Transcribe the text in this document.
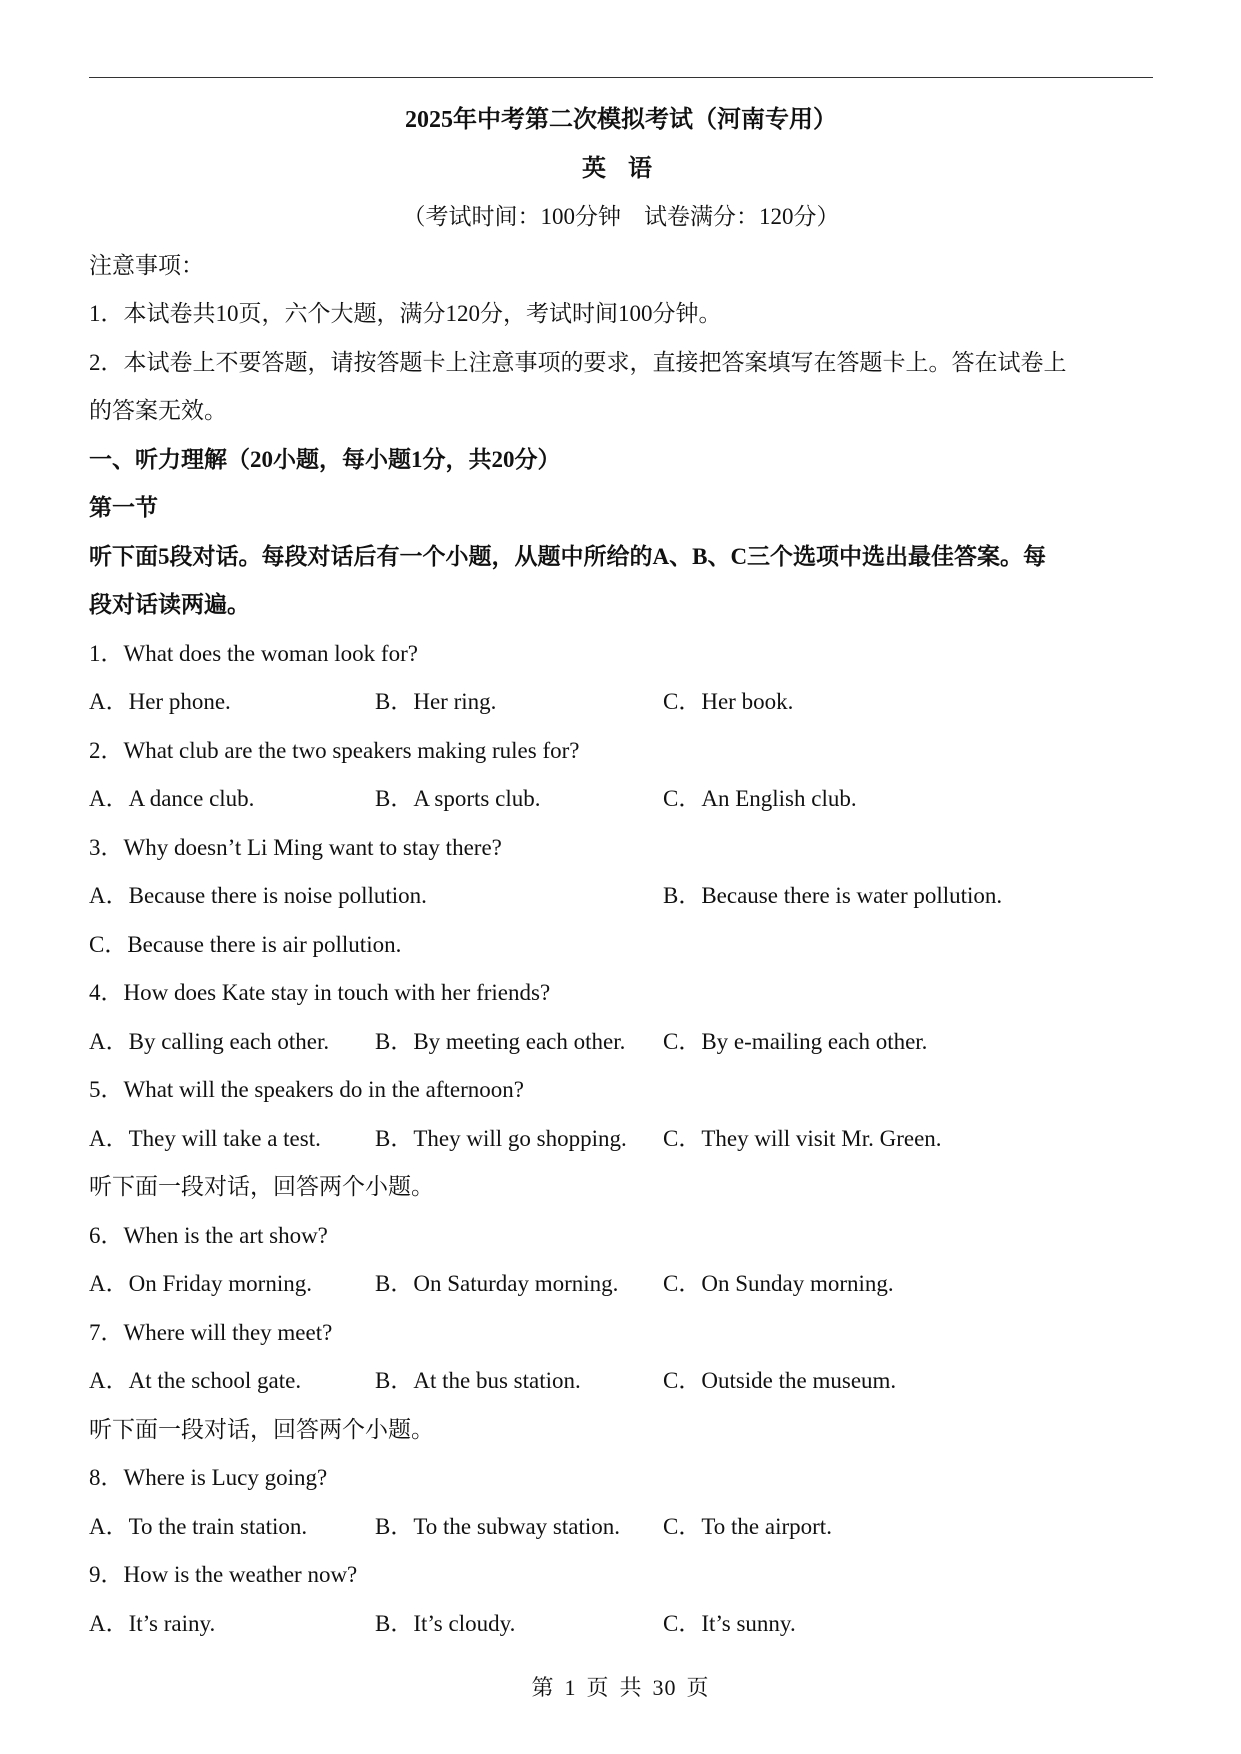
2025年中考第二次模拟考试（河南专用）
英 语
（考试时间：100分钟　试卷满分：120分）
注意事项：
1．本试卷共10页，六个大题，满分120分，考试时间100分钟。
2．本试卷上不要答题，请按答题卡上注意事项的要求，直接把答案填写在答题卡上。答在试卷上
的答案无效。
一、听力理解（20小题，每小题1分，共20分）
第一节
听下面5段对话。每段对话后有一个小题，从题中所给的A、B、C三个选项中选出最佳答案。每
段对话读两遍。
1．What does the woman look for?
A．Her phone.	B．Her ring.	C．Her book.
2．What club are the two speakers making rules for?
A．A dance club.	B．A sports club.	C．An English club.
3．Why doesn’t Li Ming want to stay there?
A．Because there is noise pollution.	B．Because there is water pollution.
C．Because there is air pollution.
4．How does Kate stay in touch with her friends?
A．By calling each other. B．By meeting each other. C．By e-mailing each other.
5．What will the speakers do in the afternoon?
A．They will take a test. B．They will go shopping. C．They will visit Mr. Green.
听下面一段对话，回答两个小题。
6．When is the art show?
A．On Friday morning.	B．On Saturday morning. C．On Sunday morning.
7．Where will they meet?
A．At the school gate.	B．At the bus station.	C．Outside the museum.
听下面一段对话，回答两个小题。
8．Where is Lucy going?
A．To the train station.	B．To the subway station. C．To the airport.
9．How is the weather now?
A．It’s rainy.	B．It’s cloudy.	C．It’s sunny.
第 1 页 共 30 页
